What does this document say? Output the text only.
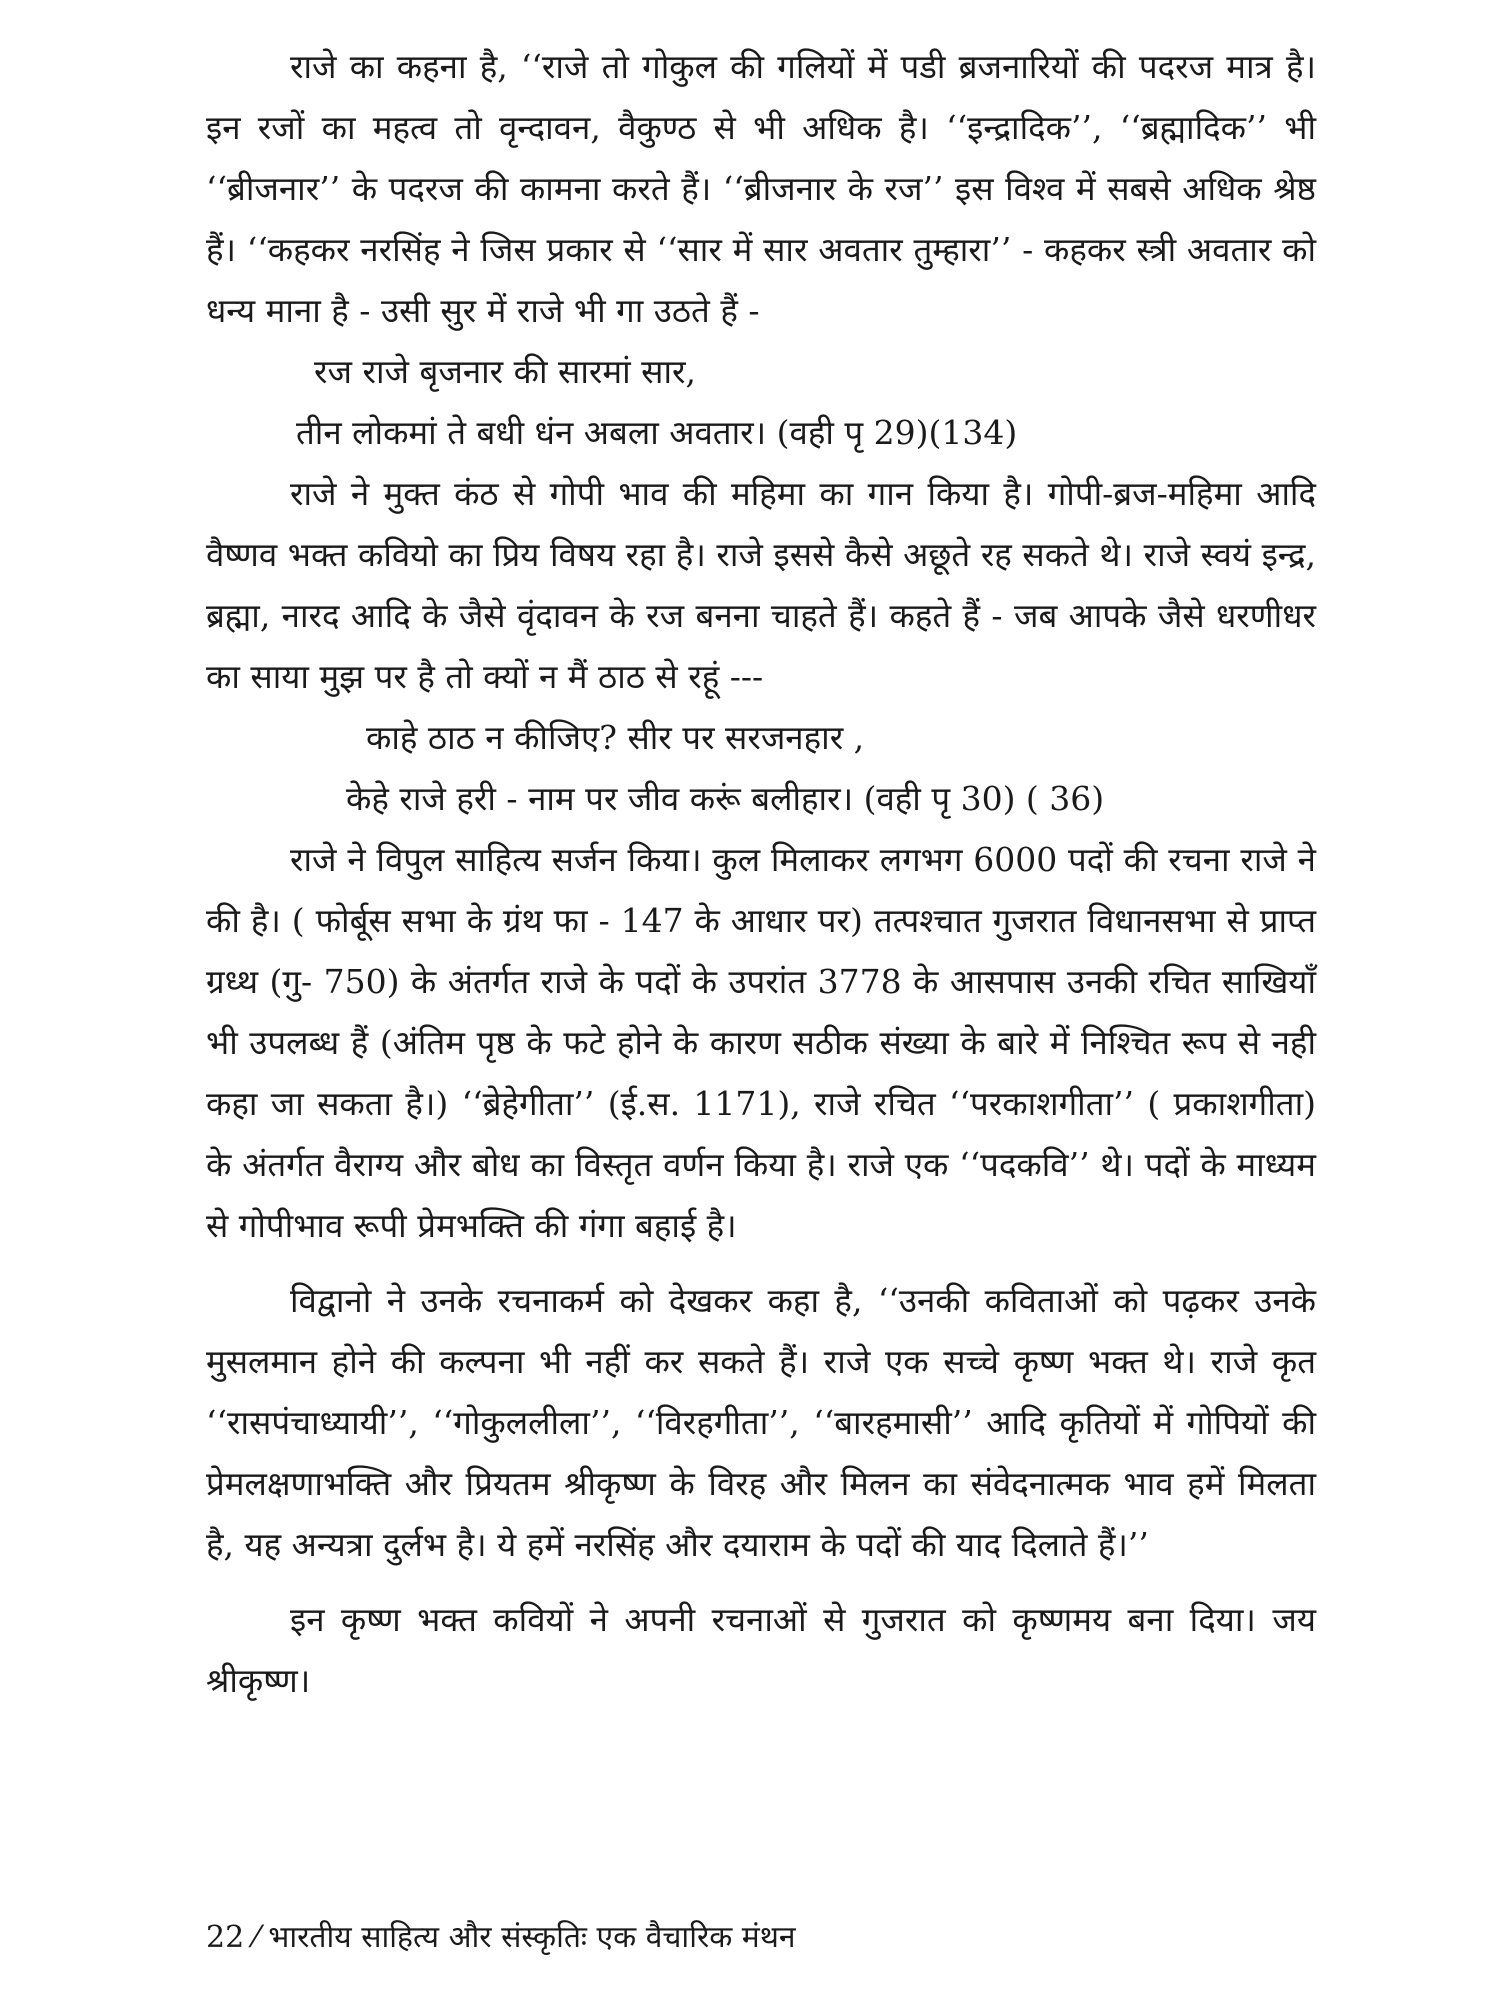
राजे का कहना है, ‘‘राजे तो गोकुल की गलियों में पडी ब्रजनारियों की पदरज मात्र है। इन रजों का महत्व तो वृन्दावन, वैकुण्ठ से भी अधिक है। ‘‘इन्द्रादिक’’, ‘‘ब्रह्मादिक’’ भी ‘‘ब्रीजनार’’ के पदरज की कामना करते हैं। ‘‘ब्रीजनार के रज’’ इस विश्व में सबसे अधिक श्रेष्ठ हैं। ‘‘कहकर नरसिंह ने जिस प्रकार से ‘‘सार में सार अवतार तुम्हारा’’ - कहकर स्त्री अवतार को धन्य माना है - उसी सुर में राजे भी गा उठते हैं -

रज राजे बृजनार की सारमां सार,

तीन लोकमां ते बधी धंन अबला अवतार। (वही पृ 29)(134)

राजे ने मुक्त कंठ से गोपी भाव की महिमा का गान किया है। गोपी-ब्रज-महिमा आदि वैष्णव भक्त कवियो का प्रिय विषय रहा है। राजे इससे कैसे अछूते रह सकते थे। राजे स्वयं इन्द्र, ब्रह्मा, नारद आदि के जैसे वृंदावन के रज बनना चाहते हैं। कहते हैं - जब आपके जैसे धरणीधर का साया मुझ पर है तो क्यों न मैं ठाठ से रहूं ---

काहे ठाठ न कीजिए? सीर पर सरजनहार ,

केहे राजे हरी - नाम पर जीव करूं बलीहार। (वही पृ 30) ( 36)

राजे ने विपुल साहित्य सर्जन किया। कुल मिलाकर लगभग 6000 पदों की रचना राजे ने की है। ( फोर्बूस सभा के ग्रंथ फा - 147 के आधार पर) तत्पश्चात गुजरात विधानसभा से प्राप्त ग्रध्थ (गु- 750) के अंतर्गत राजे के पदों के उपरांत 3778 के आसपास उनकी रचित साखियाँ भी उपलब्ध हैं (अंतिम पृष्ठ के फटे होने के कारण सठीक संख्या के बारे में निश्चित रूप से नही कहा जा सकता है।) ‘‘ब्रेहेगीता’’ (ई.स. 1171), राजे रचित ‘‘परकाशगीता’’ ( प्रकाशगीता) के अंतर्गत वैराग्य और बोध का विस्तृत वर्णन किया है। राजे एक ‘‘पदकवि’’ थे। पदों के माध्यम से गोपीभाव रूपी प्रेमभक्ति की गंगा बहाई है।

विद्वानो ने उनके रचनाकर्म को देखकर कहा है, ‘‘उनकी कविताओं को पढ़कर उनके मुसलमान होने की कल्पना भी नहीं कर सकते हैं। राजे एक सच्चे कृष्ण भक्त थे। राजे कृत ‘‘रासपंचाध्यायी’’, ‘‘गोकुललीला’’, ‘‘विरहगीता’’, ‘‘बारहमासी’’ आदि कृतियों में गोपियों की प्रेमलक्षणाभक्ति और प्रियतम श्रीकृष्ण के विरह और मिलन का संवेदनात्मक भाव हमें मिलता है, यह अन्यत्रा दुर्लभ है। ये हमें नरसिंह और दयाराम के पदों की याद दिलाते हैं।’’

इन कृष्ण भक्त कवियों ने अपनी रचनाओं से गुजरात को कृष्णमय बना दिया। जय श्रीकृष्ण।

22 ⁄ भारतीय साहित्य और संस्कृतिः एक वैचारिक मंथन
